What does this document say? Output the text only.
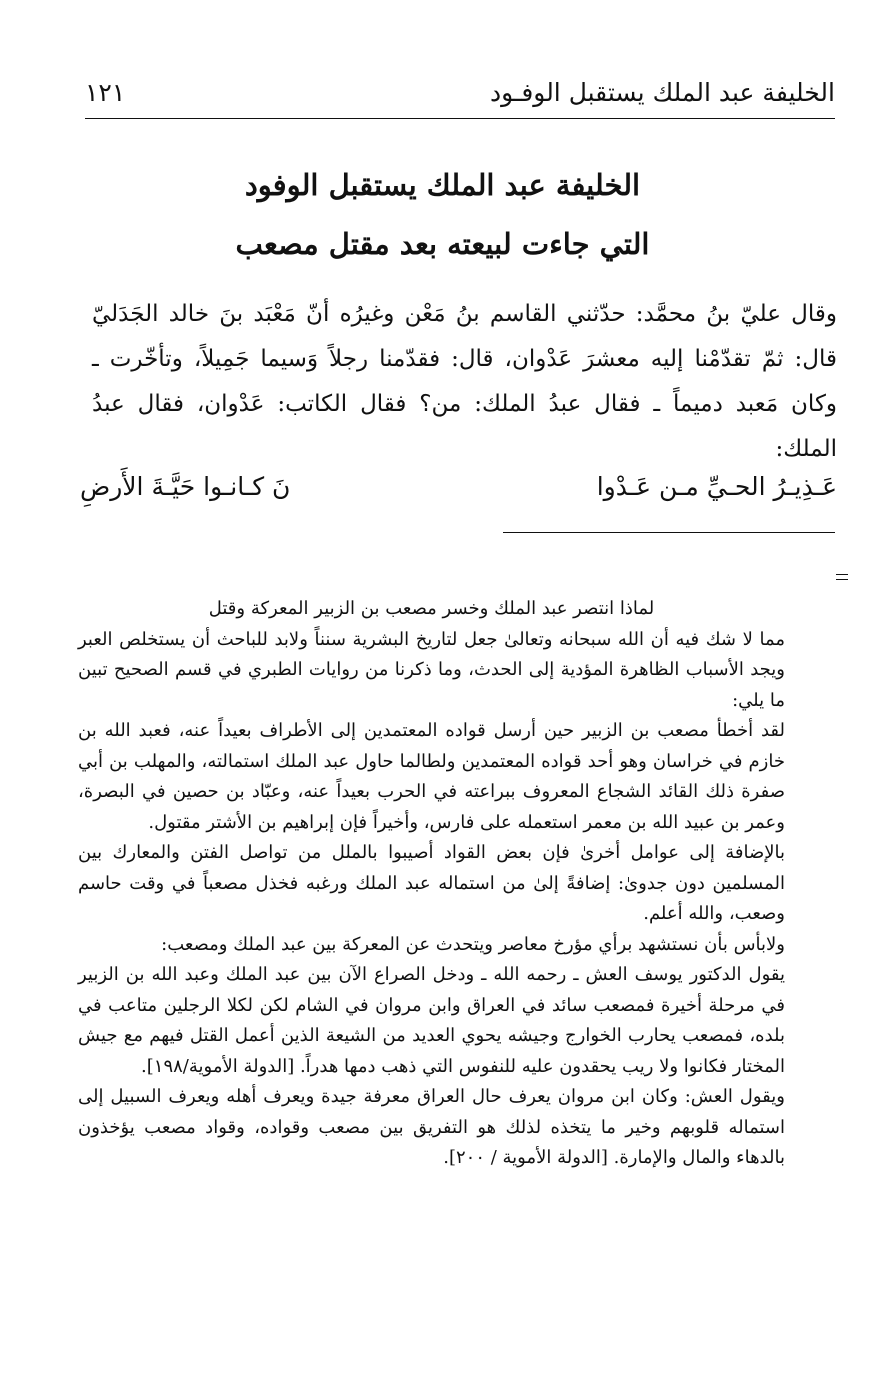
الخليفة عبد الملك يستقبل الوفـود
١٢١
الخليفة عبد الملك يستقبل الوفود
التي جاءت لبيعته بعد مقتل مصعب

وقال عليّ بنُ محمَّد: حدّثني القاسم بنُ مَعْن وغيرُه أنّ مَعْبَد بنَ خالد الجَدَليّ قال: ثمّ تقدّمْنا إليه معشرَ عَدْوان، قال: فقدّمنا رجلاً وَسيما جَمِيلاً، وتأخّرت ـ وكان مَعبد دميماً ـ فقال عبدُ الملك: من؟ فقال الكاتب: عَدْوان، فقال عبدُ الملك:

عَـذِيـرُ الحـيِّ مـن عَـدْوا
نَ كـانـوا حَيَّـةَ الأَرضِ

لماذا انتصر عبد الملك وخسر مصعب بن الزبير المعركة وقتل

مما لا شك فيه أن الله سبحانه وتعالىٰ جعل لتاريخ البشرية سنناً ولابد للباحث أن يستخلص العبر ويجد الأسباب الظاهرة المؤدية إلى الحدث، وما ذكرنا من روايات الطبري في قسم الصحيح تبين ما يلي:

لقد أخطأ مصعب بن الزبير حين أرسل قواده المعتمدين إلى الأطراف بعيداً عنه، فعبد الله بن خازم في خراسان وهو أحد قواده المعتمدين ولطالما حاول عبد الملك استمالته، والمهلب بن أبي صفرة ذلك القائد الشجاع المعروف ببراعته في الحرب بعيداً عنه، وعبّاد بن حصين في البصرة، وعمر بن عبيد الله بن معمر استعمله على فارس، وأخيراً فإن إبراهيم بن الأشتر مقتول.

بالإضافة إلى عوامل أخرىٰ فإن بعض القواد أصيبوا بالملل من تواصل الفتن والمعارك بين المسلمين دون جدوىٰ: إضافةً إلىٰ من استماله عبد الملك ورغبه فخذل مصعباً في وقت حاسم وصعب، والله أعلم.

ولابأس بأن نستشهد برأي مؤرخ معاصر ويتحدث عن المعركة بين عبد الملك ومصعب:

يقول الدكتور يوسف العش ـ رحمه الله ـ ودخل الصراع الآن بين عبد الملك وعبد الله بن الزبير في مرحلة أخيرة فمصعب سائد في العراق وابن مروان في الشام لكن لكلا الرجلين متاعب في بلده، فمصعب يحارب الخوارج وجيشه يحوي العديد من الشيعة الذين أعمل القتل فيهم مع جيش المختار فكانوا ولا ريب يحقدون عليه للنفوس التي ذهب دمها هدراً. [الدولة الأموية/١٩٨].

ويقول العش: وكان ابن مروان يعرف حال العراق معرفة جيدة ويعرف أهله ويعرف السبيل إلى استماله قلوبهم وخير ما يتخذه لذلك هو التفريق بين مصعب وقواده، وقواد مصعب يؤخذون بالدهاء والمال والإمارة. [الدولة الأموية / ٢٠٠].
